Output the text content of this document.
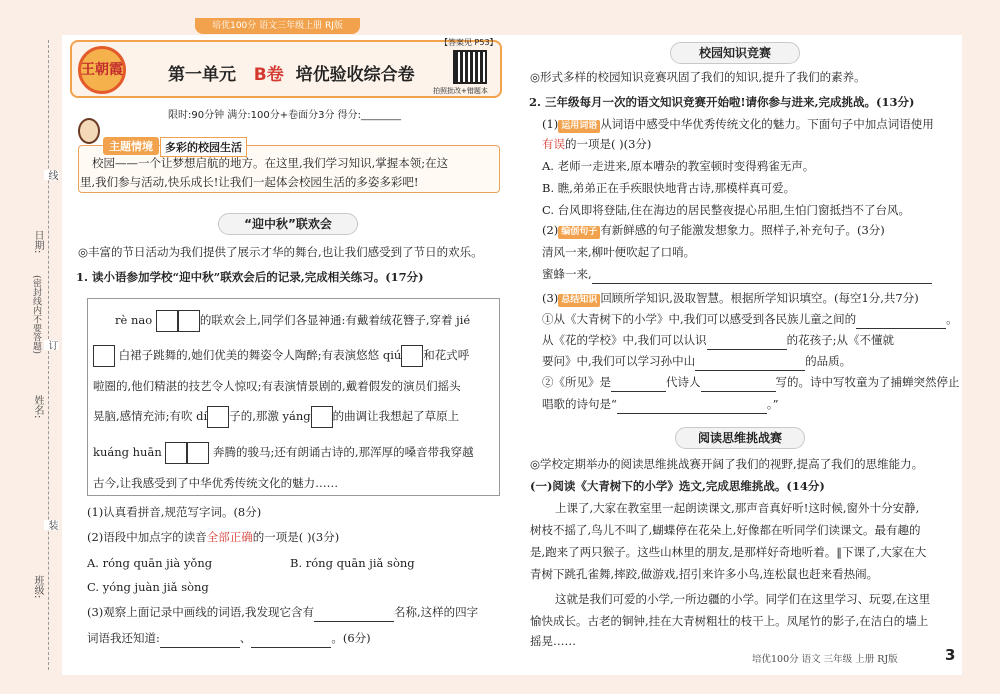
培优100分 语文三年级上册 RJ版
日期:
(密封线内不要答题)
姓名:
班级:
线
订
装
王朝霞	第一单元 B卷 培优验收综合卷
【答案见 P53】
拍照批改+错题本
限时:90分钟 满分:100分+卷面分3分 得分:________
主题情境	多彩的校园生活
校园——一个让梦想启航的地方。在这里,我们学习知识,掌握本领;在这
里,我们参与活动,快乐成长!让我们一起体会校园生活的多姿多彩吧!
“迎中秋”联欢会
◎丰富的节日活动为我们提供了展示才华的舞台,也让我们感受到了节日的欢乐。
1. 读小语参加学校“迎中秋”联欢会后的记录,完成相关练习。(17分)
rè nao	的联欢会上,同学们各显神通:有戴着绒花簪子,穿着 jié
白裙子跳舞的,她们优美的舞姿令人陶醉;有表演悠悠 qiú 和花式呼
啦圈的,他们精湛的技艺令人惊叹;有表演情景剧的,戴着假发的演员们摇头
晃脑,感情充沛;有吹 dí 子的,那激 yáng 的曲调让我想起了草原上
kuáng huān	奔腾的骏马;还有朗诵古诗的,那浑厚的嗓音带我穿越
古今,让我感受到了中华优秀传统文化的魅力……
(1)认真看拼音,规范写字词。(8分)
(2)语段中加点字的读音全部正确的一项是( )(3分)
A. róng quān jià yǒng	B. róng quān jiǎ sòng
C. yóng juàn jiǎ sòng
(3)观察上面记录中画线的词语,我发现它含有	名称,这样的四字
词语我还知道:	、	。(6分)
校园知识竞赛
◎形式多样的校园知识竞赛巩固了我们的知识,提升了我们的素养。
2. 三年级每月一次的语文知识竞赛开始啦!请你参与进来,完成挑战。(13分)
(1) 运用词语 从词语中感受中华优秀传统文化的魅力。下面句子中加点词语使用
有误的一项是( )(3分)
A. 老师一走进来,原本嘈杂的教室顿时变得鸦雀无声。
B. 瞧,弟弟正在手疾眼快地背古诗,那模样真可爱。
C. 台风即将登陆,住在海边的居民整夜提心吊胆,生怕门窗抵挡不了台风。
(2) 编创句子 有新鲜感的句子能激发想象力。照样子,补充句子。(3分)
清风一来,柳叶便吹起了口哨。
蜜蜂一来,
(3) 总结知识 回顾所学知识,汲取智慧。根据所学知识填空。(每空1分,共7分)
①从《大青树下的小学》中,我们可以感受到各民族儿童之间的	。
从《花的学校》中,我们可以认识	的花孩子;从《不懂就
要问》中,我们可以学习孙中山	的品质。
②《所见》是	代诗人	写的。诗中写牧童为了捕蝉突然停止
唱歌的诗句是“	。”
阅读思维挑战赛
◎学校定期举办的阅读思维挑战赛开阔了我们的视野,提高了我们的思维能力。
(一)阅读《大青树下的小学》选文,完成思维挑战。(14分)
上课了,大家在教室里一起朗读课文,那声音真好听!这时候,窗外十分安静,
树枝不摇了,鸟儿不叫了,蝴蝶停在花朵上,好像都在听同学们读课文。最有趣的
是,跑来了两只猴子。这些山林里的朋友,是那样好奇地听着。‖下课了,大家在大
青树下跳孔雀舞,摔跤,做游戏,招引来许多小鸟,连松鼠也赶来看热闹。
这就是我们可爱的小学,一所边疆的小学。同学们在这里学习、玩耍,在这里
愉快成长。古老的铜钟,挂在大青树粗壮的枝干上。凤尾竹的影子,在洁白的墙上
摇晃……
培优100分 语文 三年级 上册 RJ版	3
